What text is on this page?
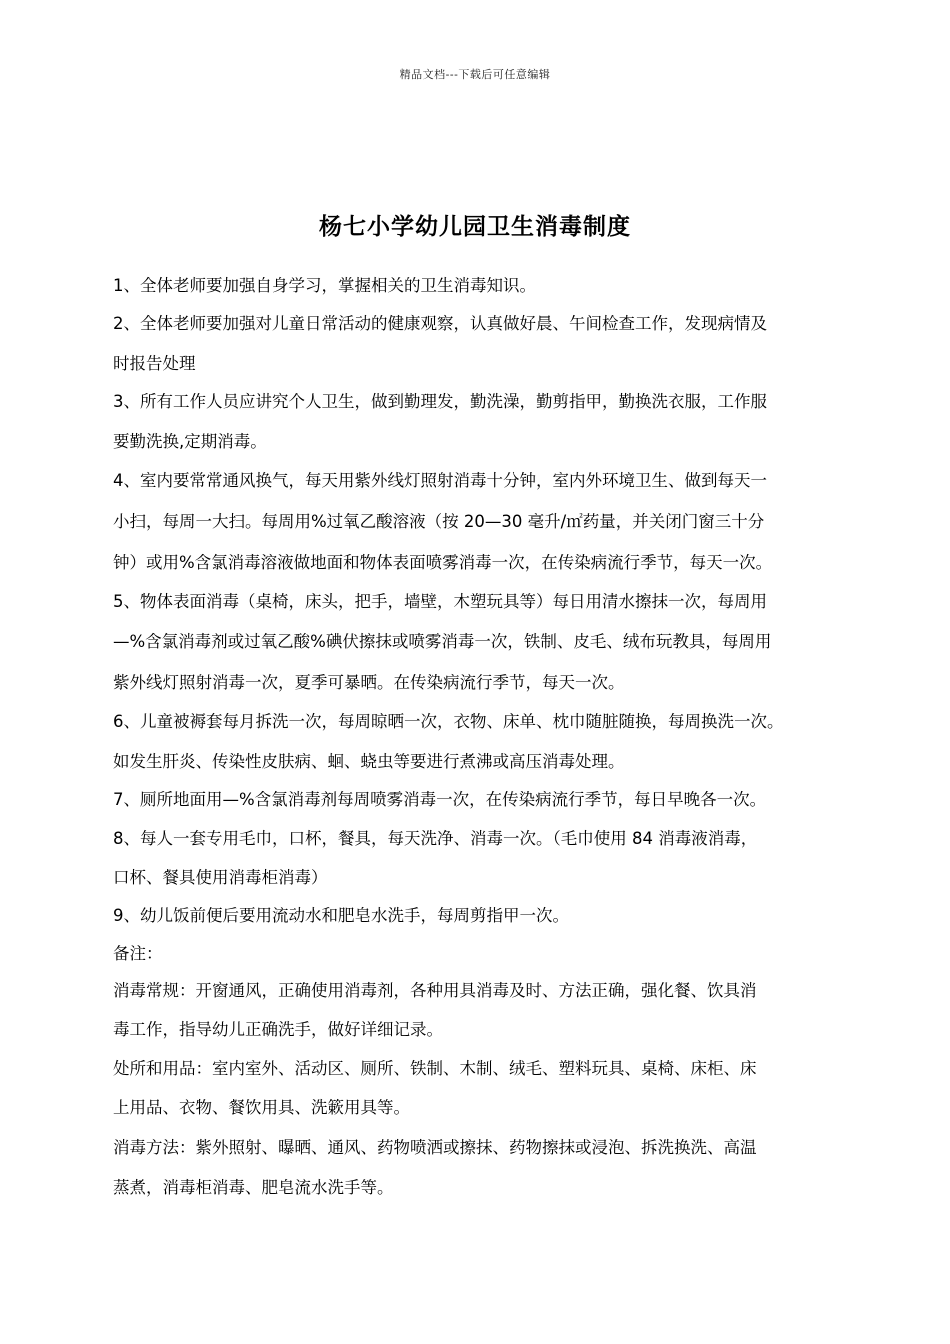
精品文档---下载后可任意编辑
杨七小学幼儿园卫生消毒制度
1、全体老师要加强自身学习，掌握相关的卫生消毒知识。
2、全体老师要加强对儿童日常活动的健康观察，认真做好晨、午间检查工作，发现病情及
时报告处理
3、所有工作人员应讲究个人卫生，做到勤理发，勤洗澡，勤剪指甲，勤换洗衣服，工作服
要勤洗换,定期消毒。
4、室内要常常通风换气，每天用紫外线灯照射消毒十分钟，室内外环境卫生、做到每天一
小扫，每周一大扫。每周用%过氧乙酸溶液（按 20—30 毫升/㎡药量，并关闭门窗三十分
钟）或用%含氯消毒溶液做地面和物体表面喷雾消毒一次，在传染病流行季节，每天一次。
5、物体表面消毒（桌椅，床头，把手，墙壁，木塑玩具等）每日用清水擦抹一次，每周用
—%含氯消毒剂或过氧乙酸%碘伏擦抹或喷雾消毒一次，铁制、皮毛、绒布玩教具，每周用
紫外线灯照射消毒一次，夏季可暴晒。在传染病流行季节，每天一次。
6、儿童被褥套每月拆洗一次，每周晾晒一次，衣物、床单、枕巾随脏随换，每周换洗一次。
如发生肝炎、传染性皮肤病、蛔、蛲虫等要进行煮沸或高压消毒处理。
7、厕所地面用—%含氯消毒剂每周喷雾消毒一次，在传染病流行季节，每日早晚各一次。
8、每人一套专用毛巾，口杯，餐具，每天洗净、消毒一次。（毛巾使用 84 消毒液消毒，
口杯、餐具使用消毒柜消毒）
9、幼儿饭前便后要用流动水和肥皂水洗手，每周剪指甲一次。
备注：
消毒常规：开窗通风，正确使用消毒剂，各种用具消毒及时、方法正确，强化餐、饮具消
毒工作，指导幼儿正确洗手，做好详细记录。
处所和用品：室内室外、活动区、厕所、铁制、木制、绒毛、塑料玩具、桌椅、床柜、床
上用品、衣物、餐饮用具、洗簌用具等。
消毒方法：紫外照射、曝晒、通风、药物喷洒或擦抹、药物擦抹或浸泡、拆洗换洗、高温
蒸煮，消毒柜消毒、肥皂流水洗手等。
